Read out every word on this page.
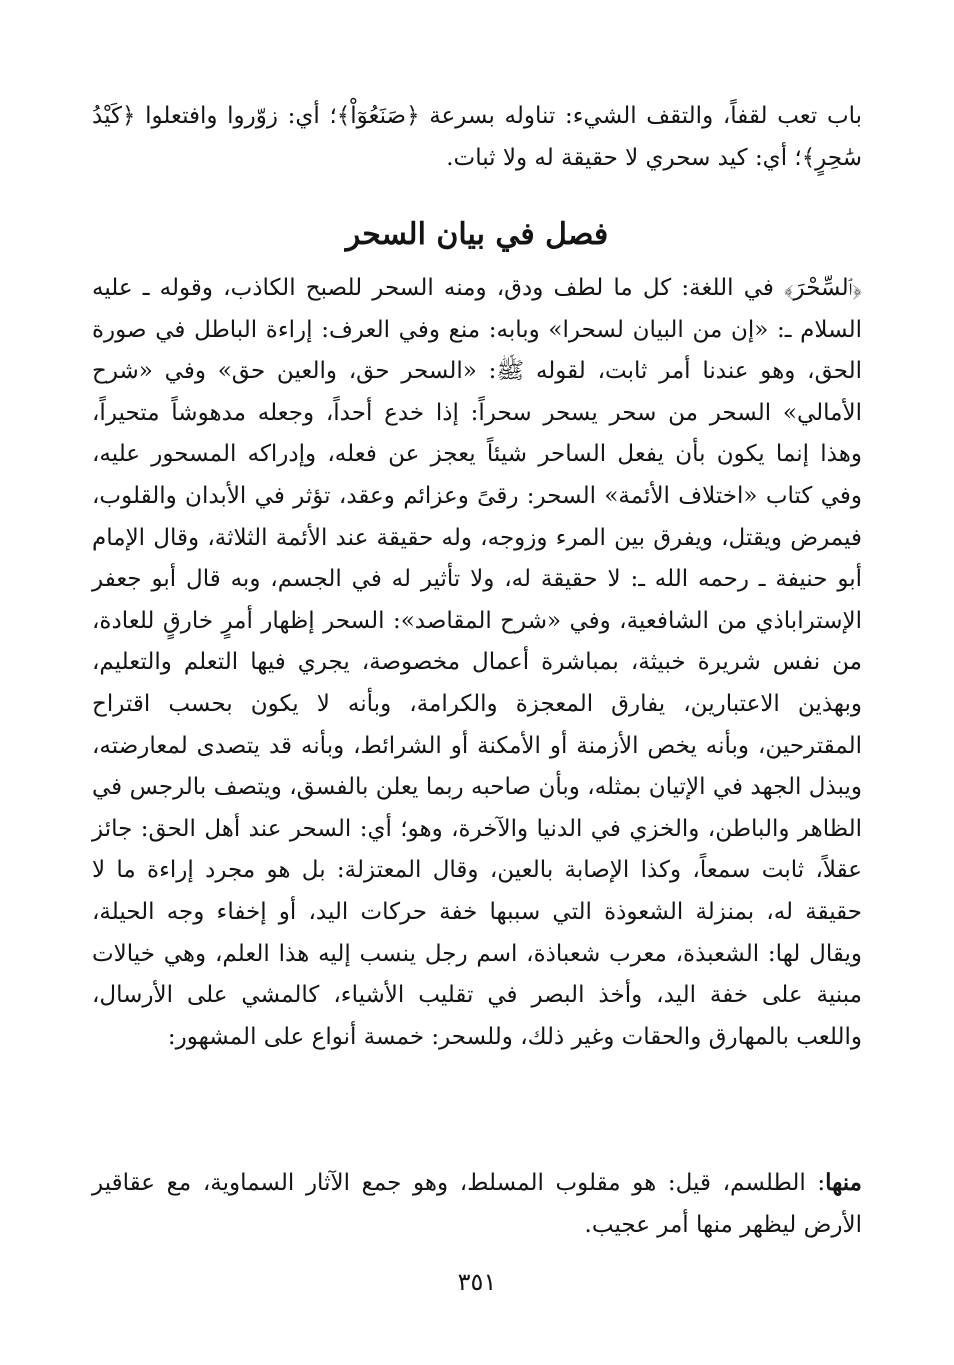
باب تعب لقفاً، والتقف الشيء: تناوله بسرعة ﴿صَنَعُوٓاْ﴾؛ أي: زوّروا وافتعلوا ﴿كَيْدُ سَٰحِرٍ﴾؛ أي: كيد سحري لا حقيقة له ولا ثبات.

فصل في بيان السحر

﴿ٱلسِّحْرَ﴾ في اللغة: كل ما لطف ودق، ومنه السحر للصبح الكاذب، وقوله ـ عليه السلام ـ: «إن من البيان لسحرا» وبابه: منع وفي العرف: إراءة الباطل في صورة الحق، وهو عندنا أمر ثابت، لقوله ﷺ: «السحر حق، والعين حق» وفي «شرح الأمالي» السحر من سحر يسحر سحراً: إذا خدع أحداً، وجعله مدهوشاً متحيراً، وهذا إنما يكون بأن يفعل الساحر شيئاً يعجز عن فعله، وإدراكه المسحور عليه، وفي كتاب «اختلاف الأئمة» السحر: رقىً وعزائم وعقد، تؤثر في الأبدان والقلوب، فيمرض ويقتل، ويفرق بين المرء وزوجه، وله حقيقة عند الأئمة الثلاثة، وقال الإمام أبو حنيفة ـ رحمه الله ـ: لا حقيقة له، ولا تأثير له في الجسم، وبه قال أبو جعفر الإستراباذي من الشافعية، وفي «شرح المقاصد»: السحر إظهار أمرٍ خارقٍ للعادة، من نفس شريرة خبيثة، بمباشرة أعمال مخصوصة، يجري فيها التعلم والتعليم، وبهذين الاعتبارين، يفارق المعجزة والكرامة، وبأنه لا يكون بحسب اقتراح المقترحين، وبأنه يخص الأزمنة أو الأمكنة أو الشرائط، وبأنه قد يتصدى لمعارضته، ويبذل الجهد في الإتيان بمثله، وبأن صاحبه ربما يعلن بالفسق، ويتصف بالرجس في الظاهر والباطن، والخزي في الدنيا والآخرة، وهو؛ أي: السحر عند أهل الحق: جائز عقلاً، ثابت سمعاً، وكذا الإصابة بالعين، وقال المعتزلة: بل هو مجرد إراءة ما لا حقيقة له، بمنزلة الشعوذة التي سببها خفة حركات اليد، أو إخفاء وجه الحيلة، ويقال لها: الشعبذة، معرب شعباذة، اسم رجل ينسب إليه هذا العلم، وهي خيالات مبنية على خفة اليد، وأخذ البصر في تقليب الأشياء، كالمشي على الأرسال، واللعب بالمهارق والحقات وغير ذلك، وللسحر: خمسة أنواع على المشهور:

منها: الطلسم، قيل: هو مقلوب المسلط، وهو جمع الآثار السماوية، مع عقاقير الأرض ليظهر منها أمر عجيب.

٣٥١
